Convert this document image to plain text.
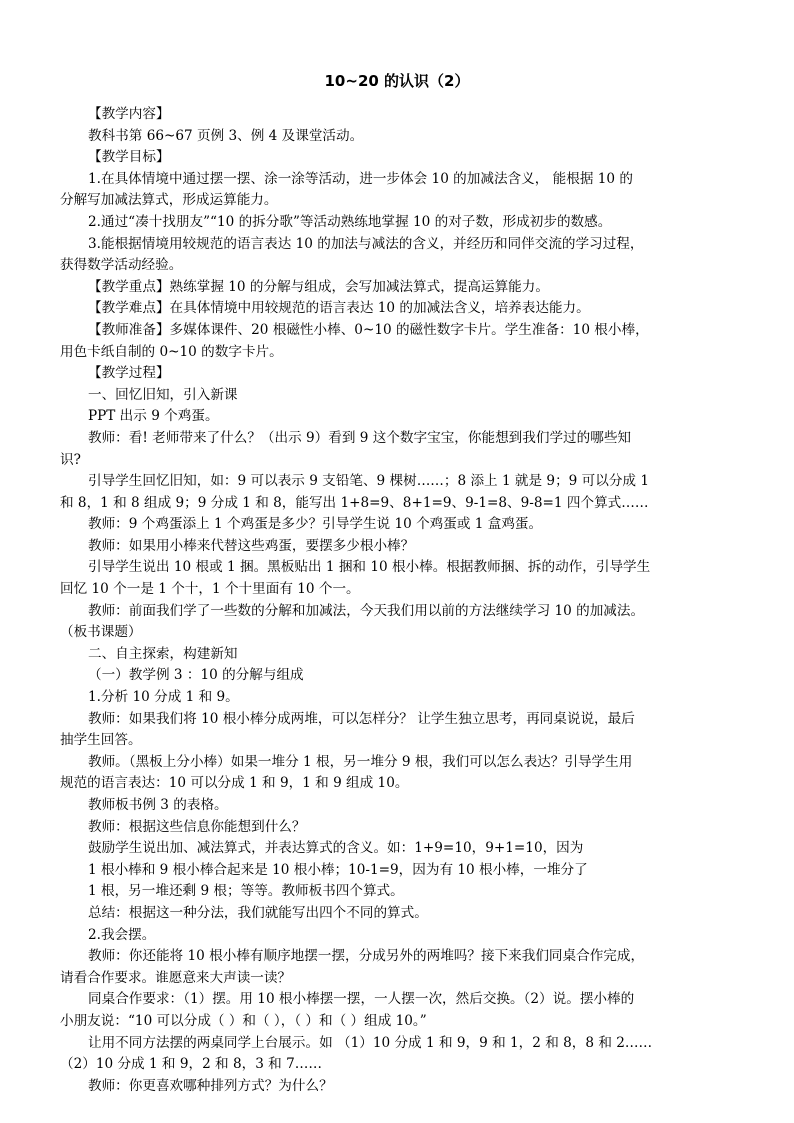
10~20 的认识（2）

【教学内容】

教科书第 66~67 页例 3、例 4 及课堂活动。

【教学目标】

1.在具体情境中通过摆一摆、涂一涂等活动，进一步体会 10 的加减法含义， 能根据 10 的

分解写加减法算式，形成运算能力。

2.通过“凑十找朋友”“10 的拆分歌”等活动熟练地掌握 10 的对子数，形成初步的数感。

3.能根据情境用较规范的语言表达 10 的加法与减法的含义，并经历和同伴交流的学习过程，

获得数学活动经验。

【教学重点】熟练掌握 10 的分解与组成，会写加减法算式，提高运算能力。

【教学难点】在具体情境中用较规范的语言表达 10 的加减法含义，培养表达能力。

【教师准备】多媒体课件、20 根磁性小棒、0~10 的磁性数字卡片。学生准备：10 根小棒，

用色卡纸自制的 0~10 的数字卡片。

【教学过程】

一、回忆旧知，引入新课

PPT 出示 9 个鸡蛋。

教师：看! 老师带来了什么？（出示 9）看到 9 这个数字宝宝，你能想到我们学过的哪些知

识?

引导学生回忆旧知，如：9 可以表示 9 支铅笔、9 棵树……；8 添上 1 就是 9；9 可以分成 1

和 8，1 和 8 组成 9；9 分成 1 和 8，能写出 1+8=9、8+1=9、9-1=8、9-8=1 四个算式……

教师：9 个鸡蛋添上 1 个鸡蛋是多少？引导学生说 10 个鸡蛋或 1 盒鸡蛋。

教师：如果用小棒来代替这些鸡蛋，要摆多少根小棒？

引导学生说出 10 根或 1 捆。黑板贴出 1 捆和 10 根小棒。根据教师捆、拆的动作，引导学生

回忆 10 个一是 1 个十，1 个十里面有 10 个一。

教师：前面我们学了一些数的分解和加减法，今天我们用以前的方法继续学习 10 的加减法。

（板书课题）

二、自主探索，构建新知

（一）教学例 3 ：10 的分解与组成

1.分析 10 分成 1 和 9。

教师：如果我们将 10 根小棒分成两堆，可以怎样分？ 让学生独立思考，再同桌说说，最后

抽学生回答。

教师。（黑板上分小棒）如果一堆分 1 根，另一堆分 9 根，我们可以怎么表达？引导学生用

规范的语言表达：10 可以分成 1 和 9，1 和 9 组成 10。

教师板书例 3 的表格。

教师：根据这些信息你能想到什么？

鼓励学生说出加、减法算式，并表达算式的含义。如：1+9=10，9+1=10，因为

1 根小棒和 9 根小棒合起来是 10 根小棒；10-1=9，因为有 10 根小棒，一堆分了

1 根，另一堆还剩 9 根；等等。教师板书四个算式。

总结：根据这一种分法，我们就能写出四个不同的算式。

2.我会摆。

教师：你还能将 10 根小棒有顺序地摆一摆，分成另外的两堆吗？接下来我们同桌合作完成，

请看合作要求。谁愿意来大声读一读？

同桌合作要求：（1）摆。用 10 根小棒摆一摆，一人摆一次，然后交换。（2）说。摆小棒的

小朋友说：“10 可以分成（ ）和（ ），（ ）和（ ）组成 10。”

让用不同方法摆的两桌同学上台展示。如 （1）10 分成 1 和 9，9 和 1，2 和 8，8 和 2……

（2）10 分成 1 和 9，2 和 8，3 和 7……

教师：你更喜欢哪种排列方式？为什么？
